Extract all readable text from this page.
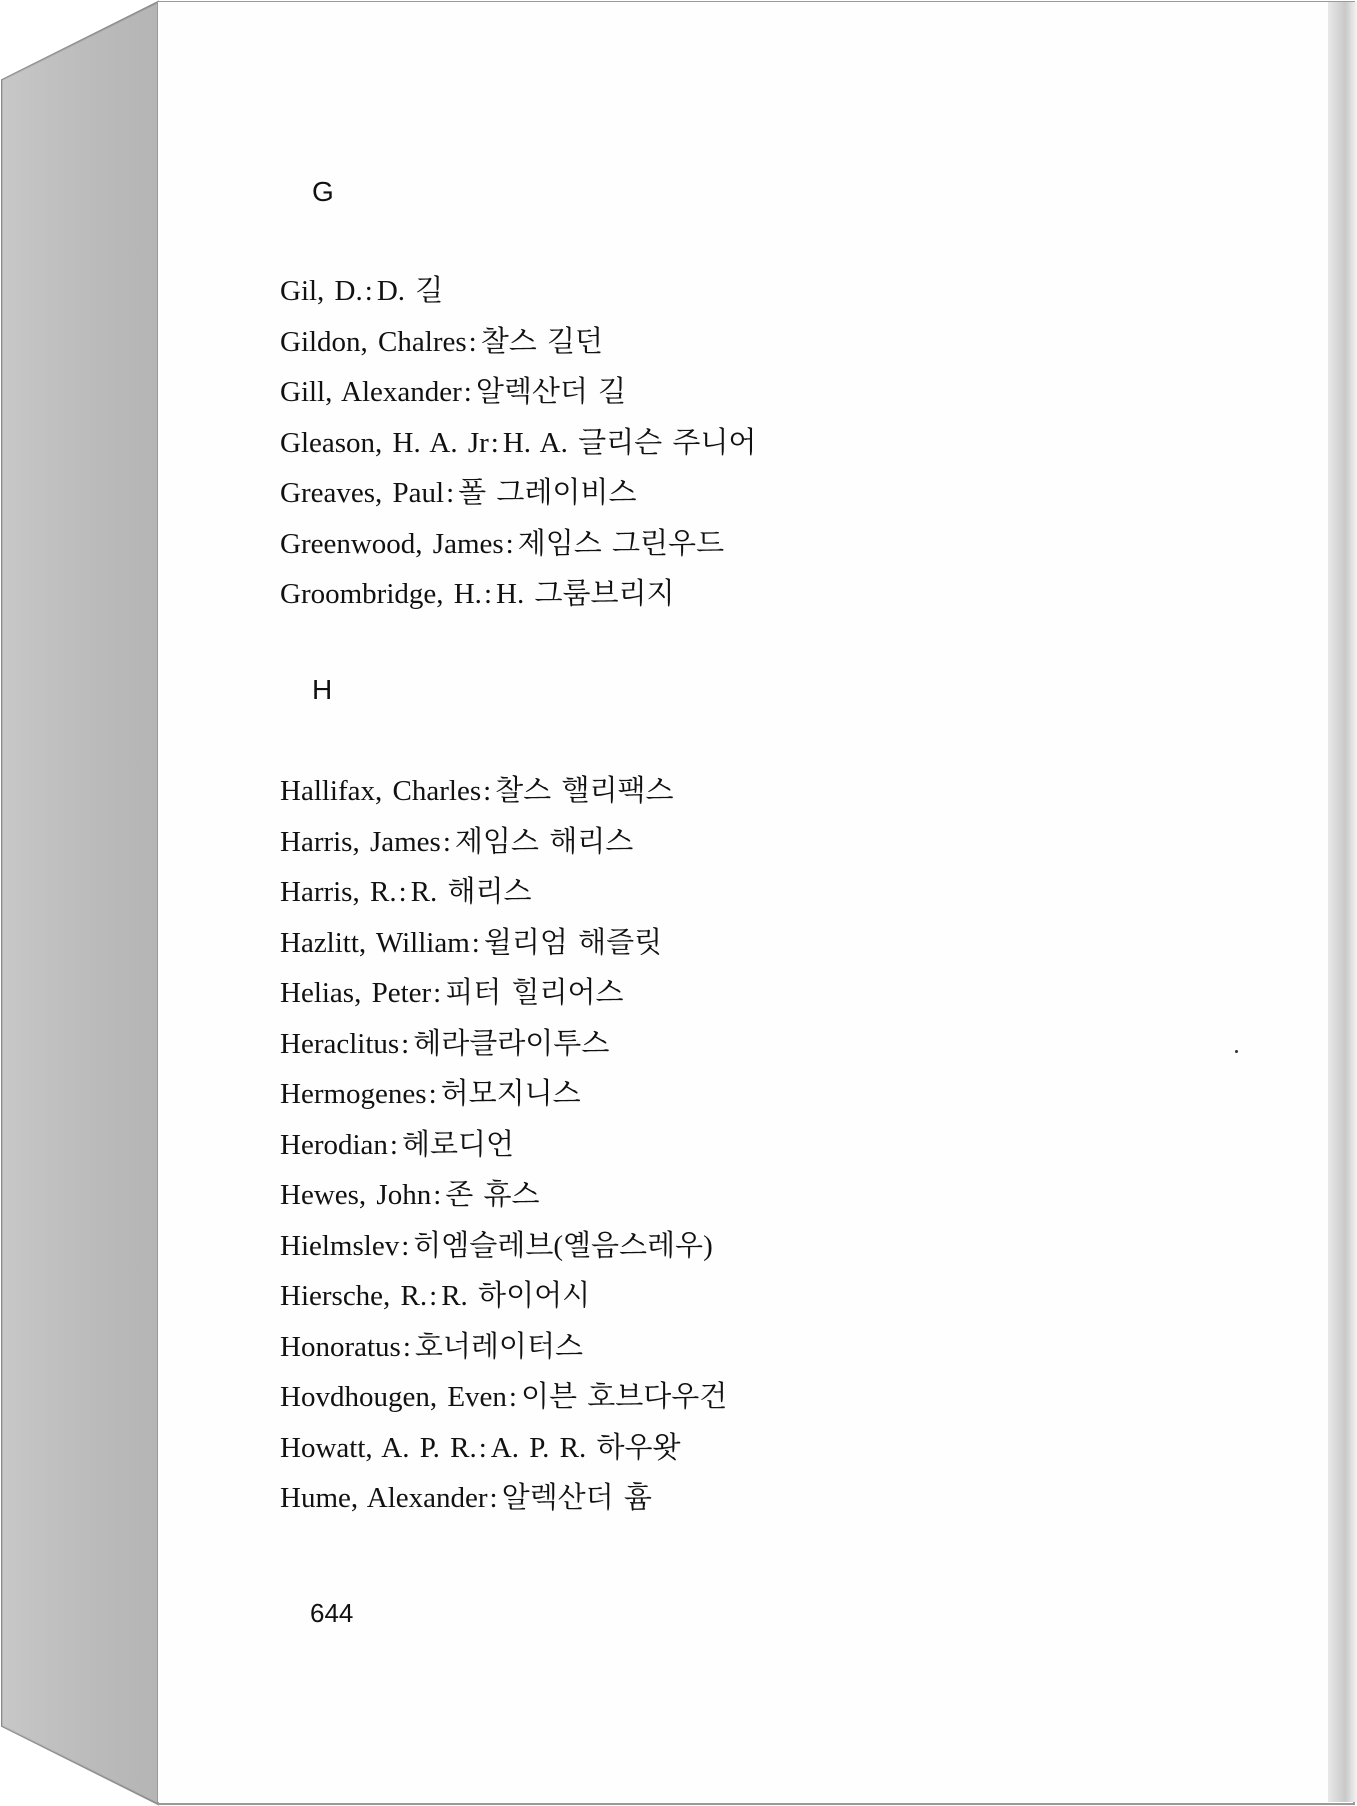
G
Gil, D.: D. 길
Gildon, Chalres: 찰스 길던
Gill, Alexander: 알렉산더 길
Gleason, H. A. Jr: H. A. 글리슨 주니어
Greaves, Paul: 폴 그레이비스
Greenwood, James: 제임스 그린우드
Groombridge, H.: H. 그룸브리지
H
Hallifax, Charles: 찰스 핼리팩스
Harris, James: 제임스 해리스
Harris, R.: R. 해리스
Hazlitt, William: 윌리엄 해즐릿
Helias, Peter: 피터 힐리어스
Heraclitus: 헤라클라이투스
Hermogenes: 허모지니스
Herodian: 헤로디언
Hewes, John: 존 휴스
Hielmslev: 히엠슬레브(옐음스레우)
Hiersche, R.: R. 하이어시
Honoratus: 호너레이터스
Hovdhougen, Even: 이븐 호브다우건
Howatt, A. P. R.: A. P. R. 하우왓
Hume, Alexander: 알렉산더 흄
644
